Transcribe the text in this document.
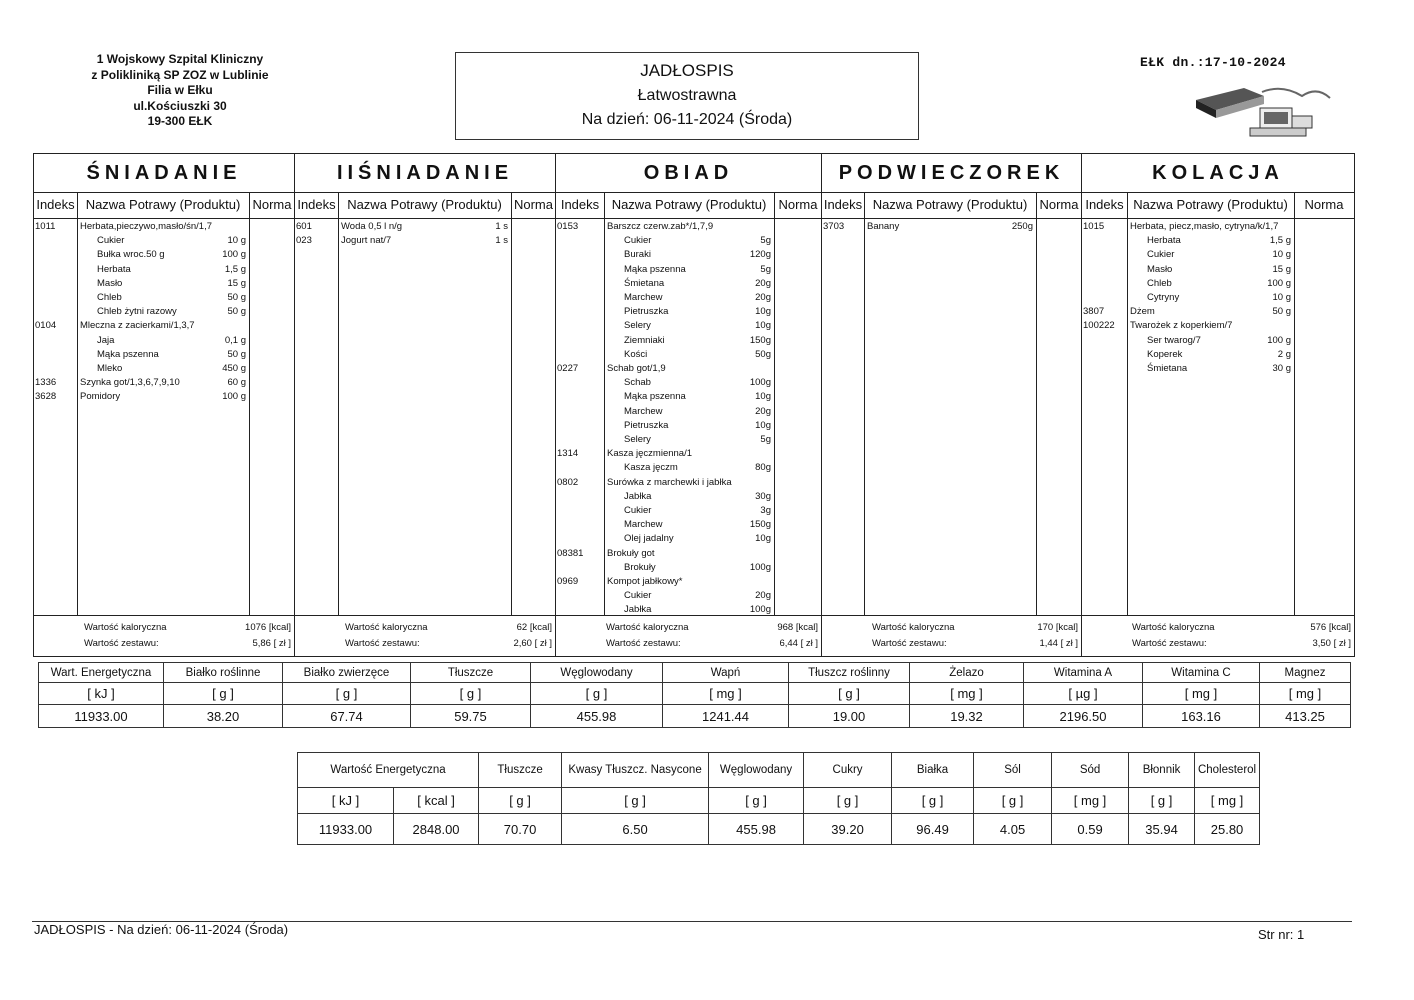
1 Wojskowy Szpital Kliniczny
z Polikliniką SP ZOZ w Lublinie
Filia w Ełku
ul.Kościuszki 30
19-300 EŁK
JADŁOSPIS
Łatwostrawna
Na dzień: 06-11-2024 (Środa)
EŁK dn.:17-10-2024
ŚNIADANIE
Indeks Nazwa Potrawy (Produktu) Norma
1011	Herbata,pieczywo,masło/śn/1,7
Cukier	10 g
Bułka wroc.50 g	100 g
Herbata	1,5 g
Masło	15 g
Chleb	50 g
Chleb żytni razowy	50 g
0104	Mleczna z zacierkami/1,3,7
Jaja	0,1 g
Mąka pszenna	50 g
Mleko	450 g
1336	Szynka got/1,3,6,7,9,10	60 g
3628	Pomidory	100 g
Wartość kaloryczna	1076 [kcal]
Wartość zestawu:	5,86 [ zł ]
IIŚNIADANIE
Indeks Nazwa Potrawy (Produktu) Norma
601	Woda 0,5 l n/g	1 s
023	Jogurt nat/7	1 s
Wartość kaloryczna	62 [kcal]
Wartość zestawu:	2,60 [ zł ]
OBIAD
Indeks Nazwa Potrawy (Produktu) Norma
0153	Barszcz czerw.zab*/1,7,9
Cukier	5g
Buraki	120g
Mąka pszenna	5g
Śmietana	20g
Marchew	20g
Pietruszka	10g
Selery	10g
Ziemniaki	150g
Kości	50g
0227	Schab got/1,9
Schab	100g
Mąka pszenna	10g
Marchew	20g
Pietruszka	10g
Selery	5g
1314	Kasza jęczmienna/1
Kasza jęczm	80g
0802	Surówka z marchewki i jabłka
Jabłka	30g
Cukier	3g
Marchew	150g
Olej jadalny	10g
08381 Brokuły got
Brokuły	100g
0969	Kompot jabłkowy*
Cukier	20g
Jabłka	100g
Wartość kaloryczna	968 [kcal]
Wartość zestawu:	6,44 [ zł ]
PODWIECZOREK
Indeks Nazwa Potrawy (Produktu) Norma
3703 Banany	250g
Wartość kaloryczna	170 [kcal]
Wartość zestawu:	1,44 [ zł ]
KOLACJA
Indeks Nazwa Potrawy (Produktu)	Norma
1015	Herbata, piecz,masło, cytryna/k/1,7
Herbata	1,5 g
Cukier	10 g
Masło	15 g
Chleb	100 g
Cytryny	10 g
3807	Dżem	50 g
100222 Twarożek z koperkiem/7
Ser twarog/7	100 g
Koperek	2 g
Śmietana	30 g
Wartość kaloryczna	576 [kcal]
Wartość zestawu:	3,50 [ zł ]
Wart. Energetyczna	Białko roślinne	Białko zwierzęce	Tłuszcze	Węglowodany	Wapń	Tłuszcz roślinny	Żelazo	Witamina A	Witamina C	Magnez
[ kJ ]	[ g ]	[ g ]	[ g ]	[ g ]	[ mg ]	[ g ]	[ mg ]	[ µg ]	[ mg ]	[ mg ]
11933.00	38.20	67.74	59.75	455.98	1241.44	19.00	19.32	2196.50	163.16	413.25
Wartość Energetyczna		Tłuszcze	Kwasy Tłuszcz. Nasycone	Węglowodany	Cukry	Białka	Sól	Sód	Błonnik	Cholesterol
[ kJ ]	[ kcal ]	[ g ]	[ g ]	[ g ]	[ g ]	[ g ]	[ g ]	[ mg ]	[ g ]	[ mg ]
11933.00	2848.00	70.70	6.50	455.98	39.20	96.49	4.05	0.59	35.94	25.80
JADŁOSPIS - Na dzień: 06-11-2024 (Środa)	Str nr: 1
